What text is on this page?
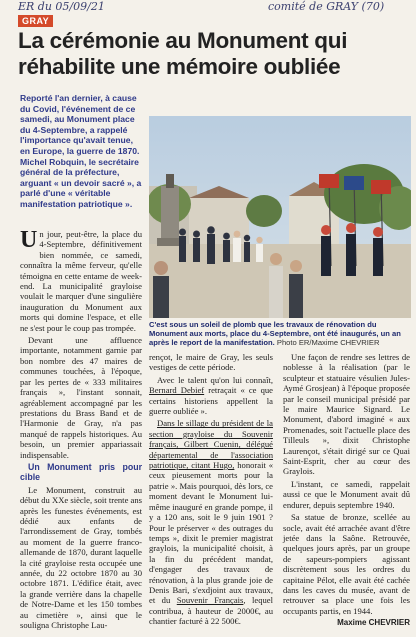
ER du 05/09/21	comité de GRAY (70)
GRAY
La cérémonie au Monument qui
réhabilite une mémoire oubliée
Reporté l'an dernier, à cause du Covid, l'événement de ce samedi, au Monument place du 4-Septembre, a rappelé l'importance qu'avait tenue, en Europe, la guerre de 1870. Michel Robquin, le secrétaire général de la préfecture, arguant « un devoir sacré », a parlé d'une « véritable manifestation patriotique ».
C'est sous un soleil de plomb que les travaux de rénovation du Monument aux morts, place du 4-Septembre, ont été inaugurés, un an après le report de la manifestation. Photo ER/Maxime CHEVRIER

Un jour, peut-être, la place du 4-Septembre, définitivement bien nommée, ce samedi, connaîtra la même ferveur, qu'elle témoigna en cette entame de week-end. La municipalité grayloise voulait le marquer d'une singulière inauguration du Monument aux morts qui domine l'espace, et elle ne s'est pour le coup pas trompée.

Devant une affluence importante, notamment garnie par bon nombre des 47 maires de communes touchées, à l'époque, par les pertes de « 333 militaires français », l'instant sonnait, agréablement accompagné par les prestations du Brass Band et de l'Harmonie de Gray, n'a pas manqué de rappels historiques. Au besoin, un premier appariassait indispensable.

Un Monument pris pour cible

Le Monument, construit au début du XXe siècle, soit trente ans après les funestes événements, est dédié aux enfants de l'arrondissement de Gray, tombés au moment de la guerre franco-allemande de 1870, durant laquelle la cité grayloise resta occupée une année, du 22 octobre 1870 au 30 octobre 1871. L'édifice était, avec la grande verrière dans la chapelle de Notre-Dame et les 150 tombes au cimetière », ainsi que le souligna Christophe Lau-

rençot, le maire de Gray, les seuls vestiges de cette période.

Avec le talent qu'on lui connaît, Bernard Debief retraçait « ce que certains historiens appellent la guerre oubliée ».

Dans le sillage du président de la section grayloise du Souvenir français, Gilbert Cuenin, délégué départemental de l'association patriotique, citant Hugo, honorait « ceux pieusement morts pour la patrie ». Mais pourquoi, dès lors, ce moment devant le Monument lui-même inauguré en grande pompe, il y a 120 ans, soit le 9 juin 1901 ? Pour le préserver « des outrages du temps », dixit le premier magistrat graylois, la municipalité choisit, à la fin du précédent mandat, d'engager des travaux de rénovation, à la plus grande joie de Denis Bari, s'exdjoint aux travaux, et du Souvenir Français, lequel contribua, à hauteur de 2000€, au chantier facturé à 22 500€.

Une façon de rendre ses lettres de noblesse à la réalisation (par le sculpteur et statuaire vésulien Jules-Aymé Grosjean) à l'époque proposée par le conseil municipal présidé par le maire Maurice Signard. Le Monument, d'abord imaginé « aux Promenades, soit l'actuelle place des Tilleuls », dixit Christophe Laurençot, s'était dirigé sur ce Quai Saint-Esprit, cher au cœur des Graylois.

L'instant, ce samedi, rappelait aussi ce que le Monument avait dû endurer, depuis septembre 1940.

Sa statue de bronze, scellée au socle, avait été arrachée avant d'être jetée dans la Saône. Retrouvée, quelques jours après, par un groupe de sapeurs-pompiers agissant discrètement sous les ordres du capitaine Pélot, elle avait été cachée dans les caves du musée, avant de retrouver sa place une fois les occupants partis, en 1944.

Maxime CHEVRIER
